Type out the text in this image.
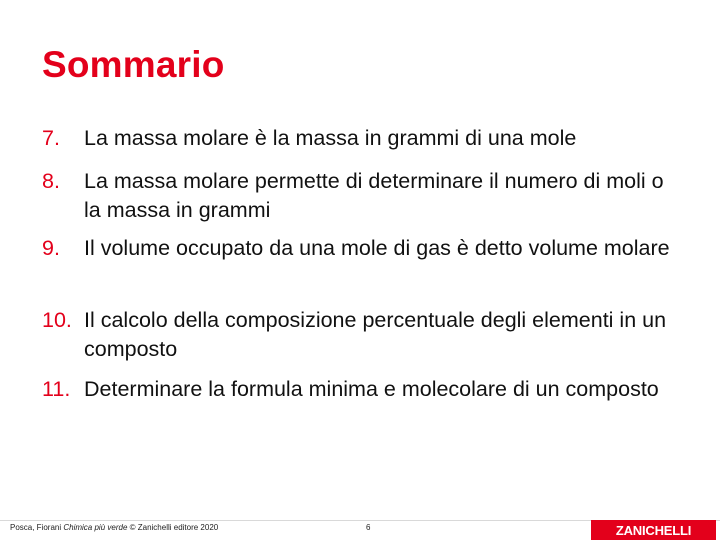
Sommario
7.	La massa molare è la massa in grammi di una mole
8.	La massa molare permette di determinare il numero di moli o la massa in grammi
9.	Il volume occupato da una mole di gas è detto volume molare
10. Il calcolo della composizione percentuale degli elementi in un composto
11. Determinare la formula minima e molecolare di un composto
Posca, Fiorani Chimica più verde © Zanichelli editore 2020	6	ZANICHELLI
